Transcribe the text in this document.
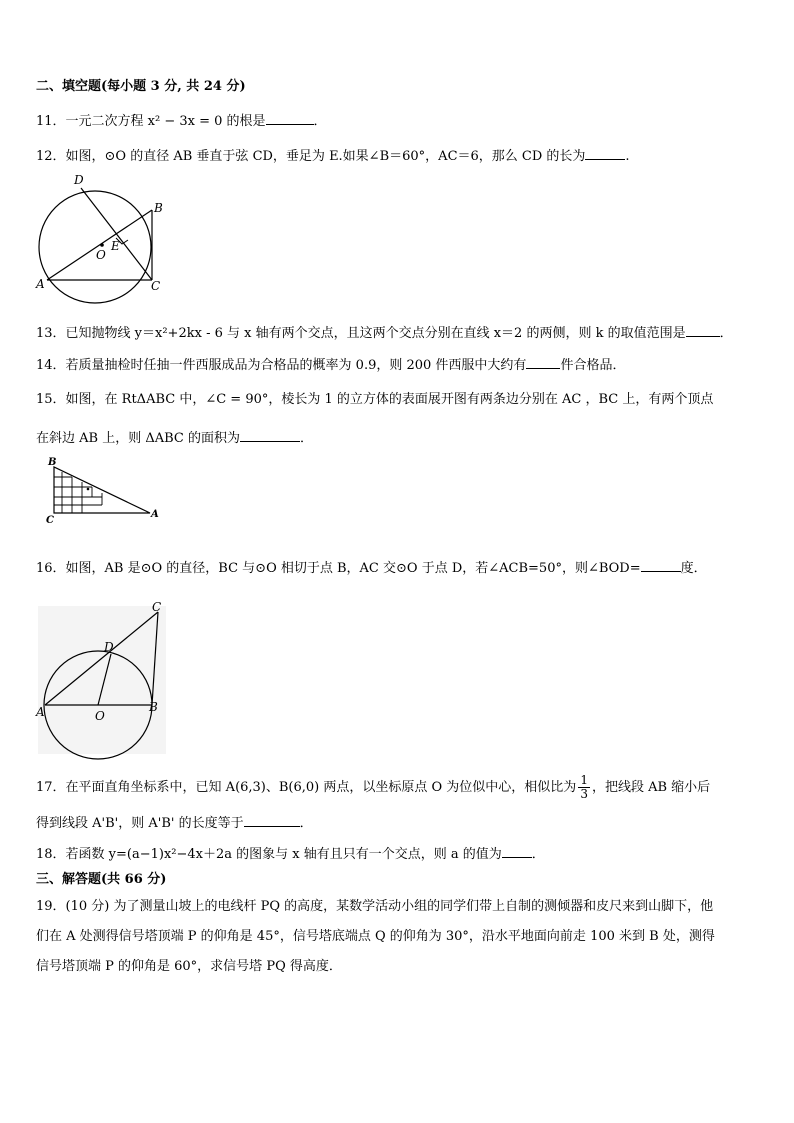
二、填空题(每小题 3 分, 共 24 分)
11．一元二次方程 x² − 3x = 0 的根是	．
12．如图，⊙O 的直径 AB 垂直于弦 CD，垂足为 E.如果∠B＝60°，AC＝6，那么 CD 的长为	.
D
B
E
O
A	C
13．已知抛物线 y＝x²+2kx - 6 与 x 轴有两个交点，且这两个交点分别在直线 x＝2 的两侧，则 k 的取值范围是	．
14．若质量抽检时任抽一件西服成品为合格品的概率为 0.9，则 200 件西服中大约有	件合格品．
15．如图，在 RtΔABC 中，∠C = 90°，棱长为 1 的立方体的表面展开图有两条边分别在 AC ，BC 上，有两个顶点
在斜边 AB 上，则 ΔABC 的面积为	．
B
C
A
16．如图，AB 是⊙O 的直径，BC 与⊙O 相切于点 B，AC 交⊙O 于点 D，若∠ACB=50°，则∠BOD=	度．
C
D
A	O
B
17．在平面直角坐标系中，已知 A(6,3)、B(6,0) 两点，以坐标原点 O 为位似中心，相似比为 $\frac{1}{3}$ ，把线段 AB 缩小后
得到线段 A'B'，则 A'B' 的长度等于	．
18．若函数 y=(a−1)x²−4x＋2a 的图象与 x 轴有且只有一个交点，则 a 的值为 ．
三、解答题(共 66 分)
19．(10 分) 为了测量山坡上的电线杆 PQ 的高度，某数学活动小组的同学们带上自制的测倾器和皮尺来到山脚下，他
们在 A 处测得信号塔顶端 P 的仰角是 45°，信号塔底端点 Q 的仰角为 30°，沿水平地面向前走 100 米到 B 处，测得
信号塔顶端 P 的仰角是 60°，求信号塔 PQ 得高度．
